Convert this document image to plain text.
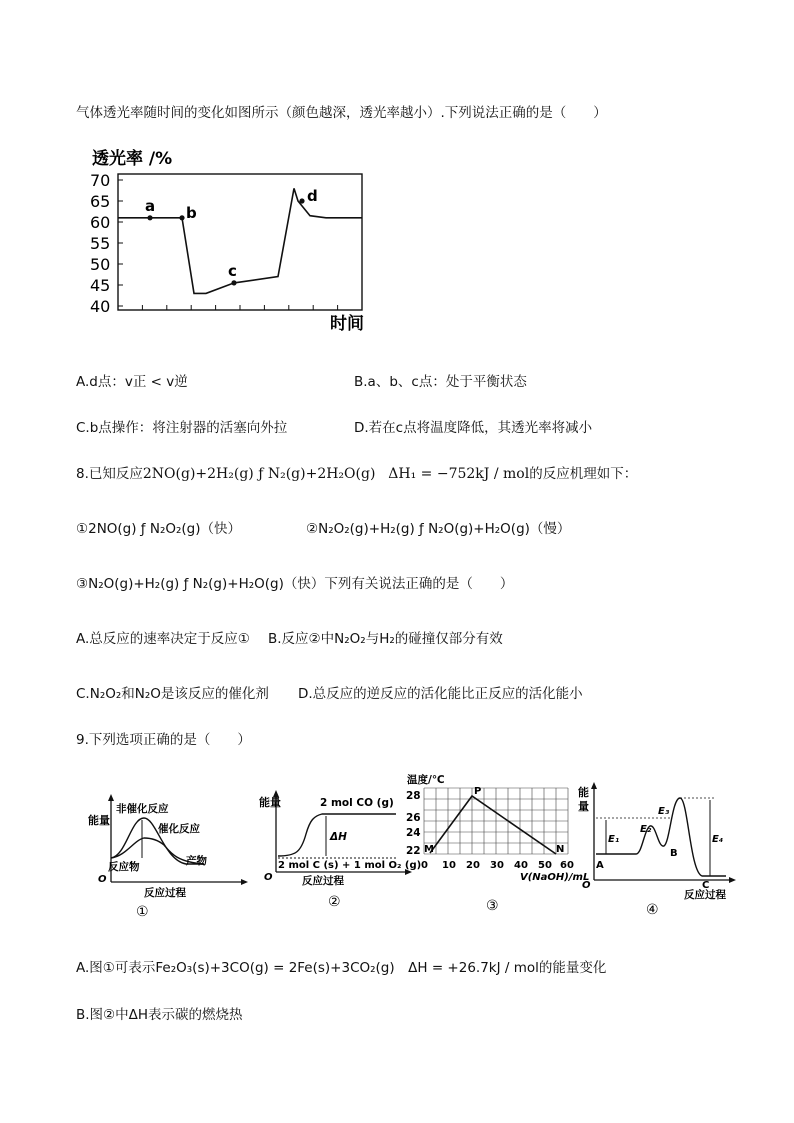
气体透光率随时间的变化如图所示（颜色越深，透光率越小）.下列说法正确的是（　　）
透光率 /%
70
65
60
55
50
45
40
a b
c
d
时间
A.d点：v正 < v逆	B.a、b、c点：处于平衡状态
C.b点操作：将注射器的活塞向外拉	D.若在c点将温度降低，其透光率将减小
8.已知反应2NO(g)+2H₂(g) ƒ N₂(g)+2H₂O(g) ΔH₁ = −752kJ / mol的反应机理如下：
①2NO(g) ƒ N₂O₂(g)（快）	②N₂O₂(g)+H₂(g) ƒ N₂O(g)+H₂O(g)（慢）
③N₂O(g)+H₂(g) ƒ N₂(g)+H₂O(g)（快）下列有关说法正确的是（　　）
A.总反应的速率决定于反应① B.反应②中N₂O₂与H₂的碰撞仅部分有效
C.N₂O₂和N₂O是该反应的催化剂 D.总反应的逆反应的活化能比正反应的活化能小
9.下列选项正确的是（　　）
能量
非催化反应
催化反应
反应物	产物
O
反应过程
①
能量	2 mol CO (g)
ΔH
2 mol C (s) + 1 mol O₂ (g)
O	反应过程
②
温度/℃
28
26
24
22
0 10 20 30 40 50 60
P
M	N
V(NaOH)/mL
③
能
量
E₁
E₂
E₃
E₄
A
B
C
O
反应过程
④
A.图①可表示Fe₂O₃(s)+3CO(g) = 2Fe(s)+3CO₂(g)　ΔH = +26.7kJ / mol的能量变化
B.图②中ΔH表示碳的燃烧热
